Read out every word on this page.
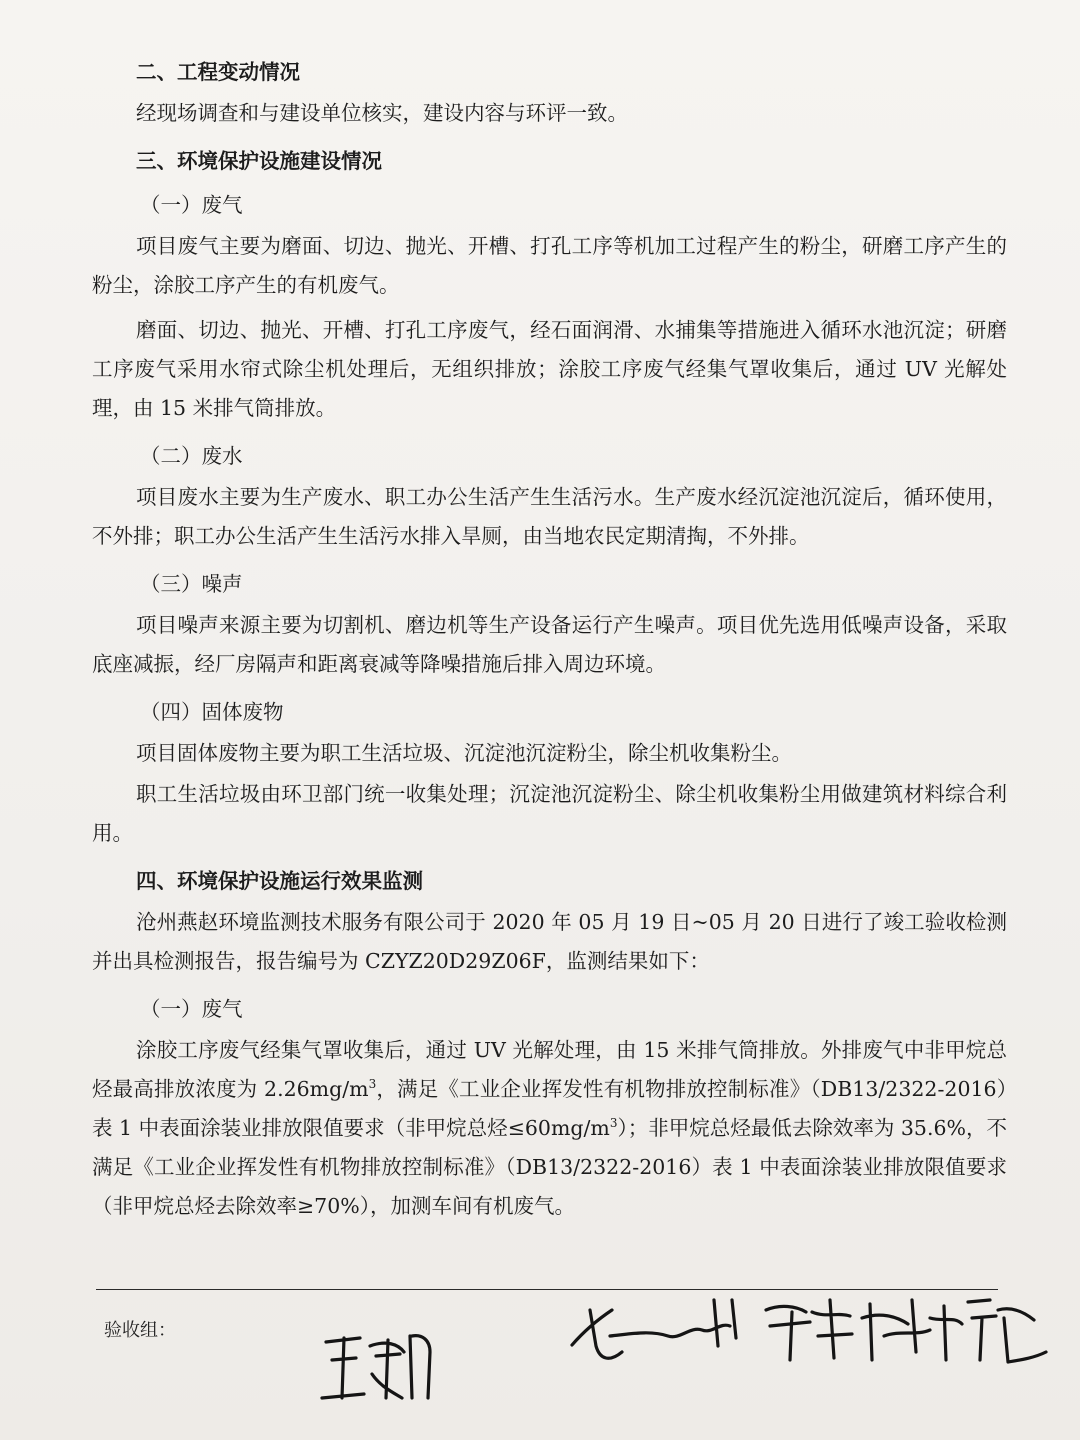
二、工程变动情况

经现场调查和与建设单位核实，建设内容与环评一致。

三、环境保护设施建设情况

（一）废气

项目废气主要为磨面、切边、抛光、开槽、打孔工序等机加工过程产生的粉尘，研磨工序产生的粉尘，涂胶工序产生的有机废气。

磨面、切边、抛光、开槽、打孔工序废气，经石面润滑、水捕集等措施进入循环水池沉淀；研磨工序废气采用水帘式除尘机处理后，无组织排放；涂胶工序废气经集气罩收集后，通过 UV 光解处理，由 15 米排气筒排放。

（二）废水

项目废水主要为生产废水、职工办公生活产生生活污水。生产废水经沉淀池沉淀后，循环使用，不外排；职工办公生活产生生活污水排入旱厕，由当地农民定期清掏，不外排。

（三）噪声

项目噪声来源主要为切割机、磨边机等生产设备运行产生噪声。项目优先选用低噪声设备，采取底座减振，经厂房隔声和距离衰减等降噪措施后排入周边环境。

（四）固体废物

项目固体废物主要为职工生活垃圾、沉淀池沉淀粉尘，除尘机收集粉尘。

职工生活垃圾由环卫部门统一收集处理；沉淀池沉淀粉尘、除尘机收集粉尘用做建筑材料综合利用。

四、环境保护设施运行效果监测

沧州燕赵环境监测技术服务有限公司于 2020 年 05 月 19 日~05 月 20 日进行了竣工验收检测并出具检测报告，报告编号为 CZYZ20D29Z06F，监测结果如下：

（一）废气

涂胶工序废气经集气罩收集后，通过 UV 光解处理，由 15 米排气筒排放。外排废气中非甲烷总烃最高排放浓度为 $2.26mg/m^3$，满足《工业企业挥发性有机物排放控制标准》（DB13/2322-2016）表 1 中表面涂装业排放限值要求（非甲烷总烃$\le 60mg/m^3$）；非甲烷总烃最低去除效率为 35.6%，不满足《工业企业挥发性有机物排放控制标准》（DB13/2322-2016）表 1 中表面涂装业排放限值要求（非甲烷总烃去除效率≥70%），加测车间有机废气。

验收组：
